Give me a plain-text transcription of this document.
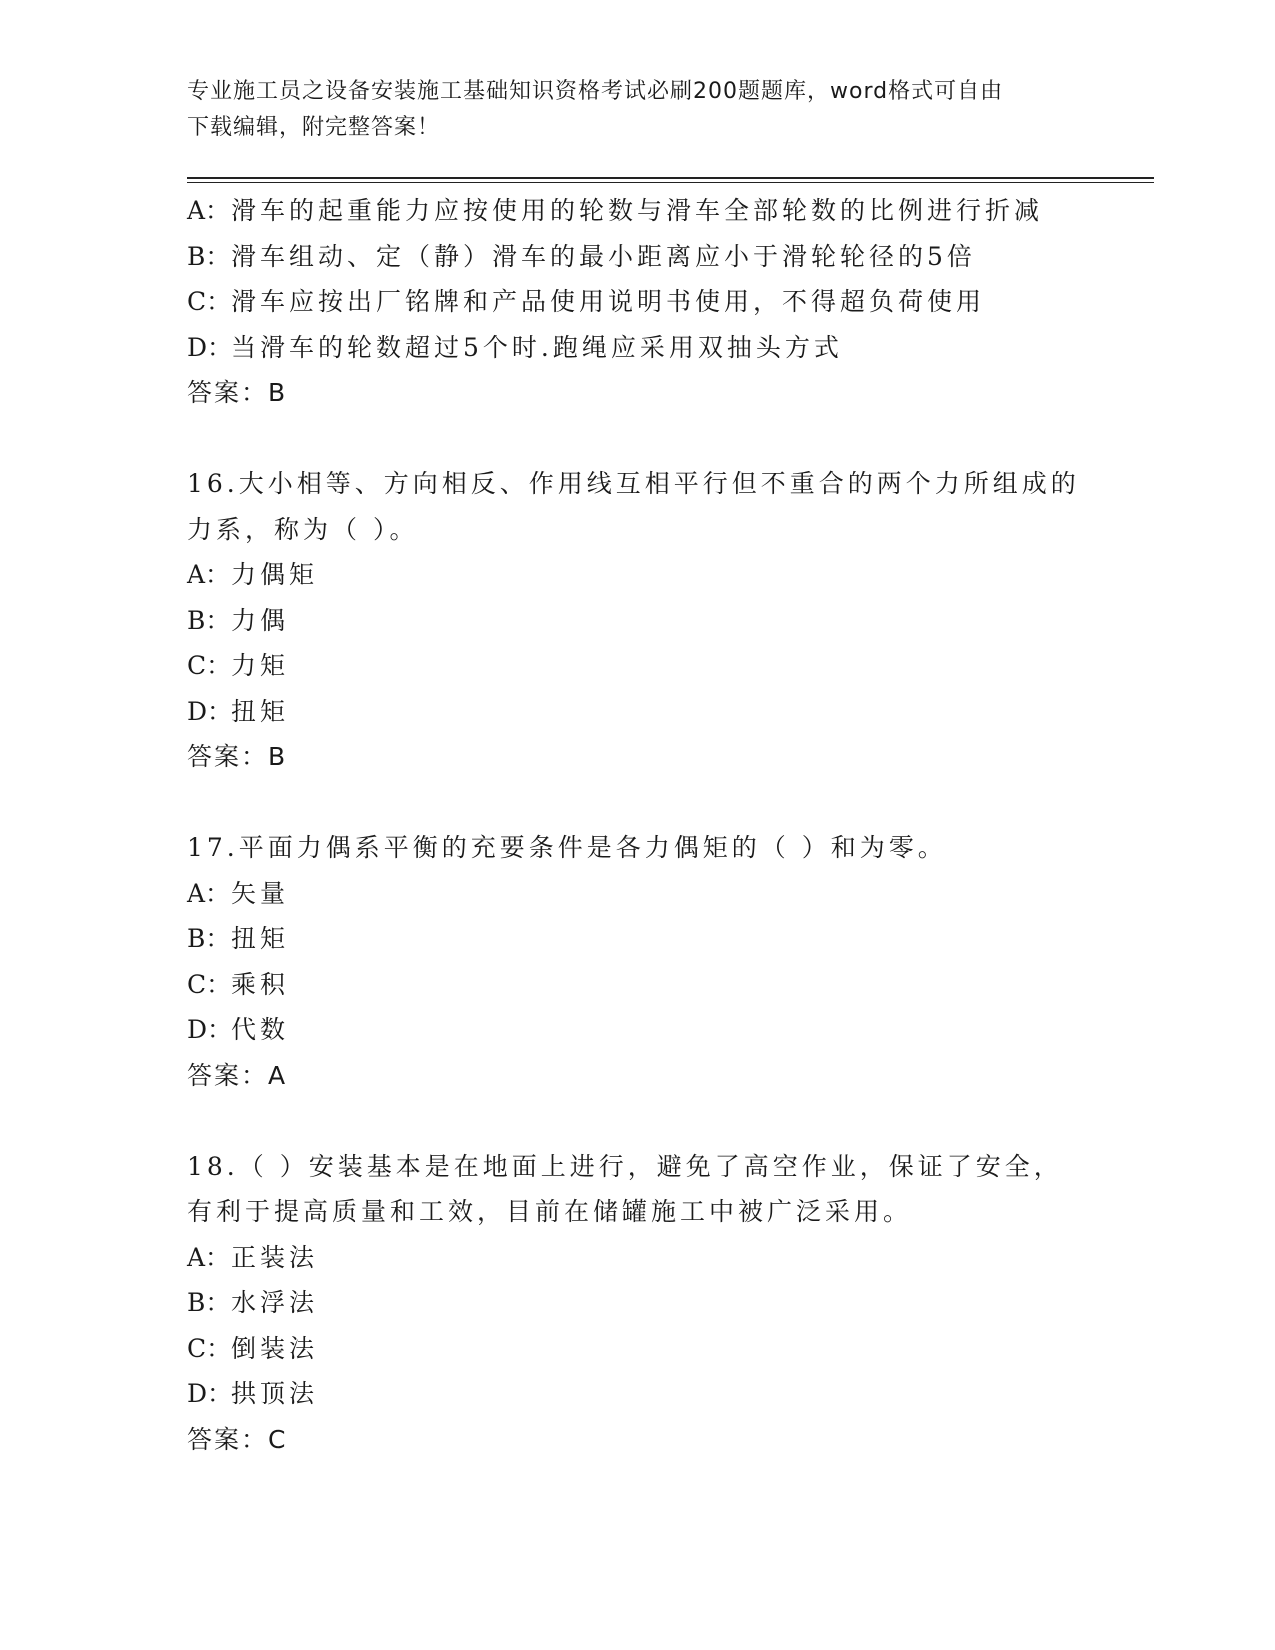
专业施工员之设备安装施工基础知识资格考试必刷200题题库，word格式可自由
下载编辑，附完整答案！
A：滑车的起重能力应按使用的轮数与滑车全部轮数的比例进行折减
B：滑车组动、定（静）滑车的最小距离应小于滑轮轮径的5倍
C：滑车应按出厂铭牌和产品使用说明书使用，不得超负荷使用
D：当滑车的轮数超过5个时.跑绳应采用双抽头方式
答案：B
16.大小相等、方向相反、作用线互相平行但不重合的两个力所组成的
力系，称为（ ）。
A：力偶矩
B：力偶
C：力矩
D：扭矩
答案：B
17.平面力偶系平衡的充要条件是各力偶矩的（ ）和为零。
A：矢量
B：扭矩
C：乘积
D：代数
答案：A
18.（ ）安装基本是在地面上进行，避免了高空作业，保证了安全，
有利于提高质量和工效，目前在储罐施工中被广泛采用。
A：正装法
B：水浮法
C：倒装法
D：拱顶法
答案：C
